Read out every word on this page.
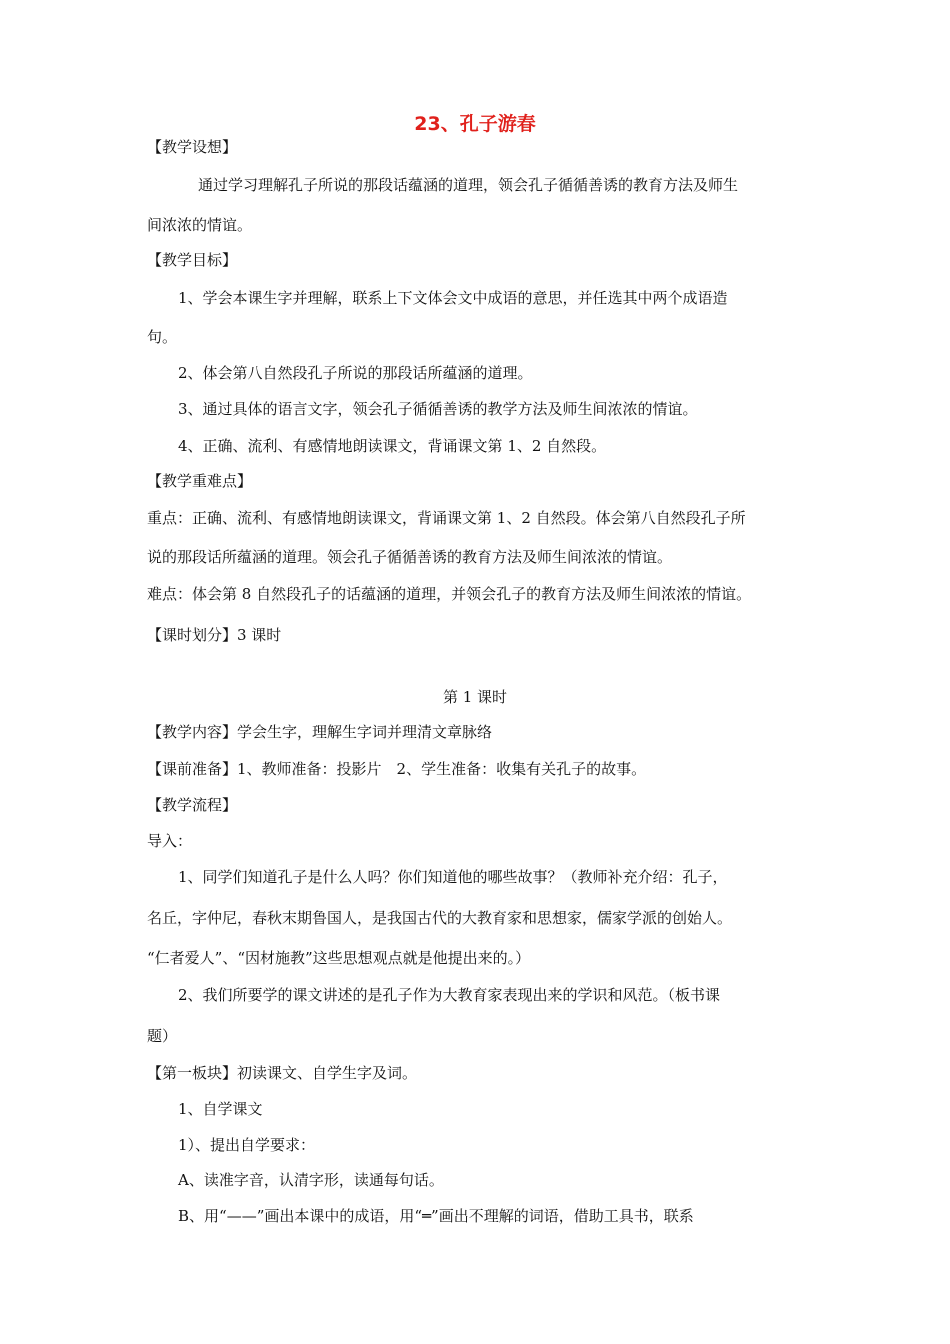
23、孔子游春
【教学设想】
通过学习理解孔子所说的那段话蕴涵的道理，领会孔子循循善诱的教育方法及师生
间浓浓的情谊。
【教学目标】
1、学会本课生字并理解，联系上下文体会文中成语的意思，并任选其中两个成语造
句。
2、体会第八自然段孔子所说的那段话所蕴涵的道理。
3、通过具体的语言文字，领会孔子循循善诱的教学方法及师生间浓浓的情谊。
4、正确、流利、有感情地朗读课文，背诵课文第 1、2 自然段。
【教学重难点】
重点：正确、流利、有感情地朗读课文，背诵课文第 1、2 自然段。体会第八自然段孔子所
说的那段话所蕴涵的道理。领会孔子循循善诱的教育方法及师生间浓浓的情谊。
难点：体会第 8 自然段孔子的话蕴涵的道理，并领会孔子的教育方法及师生间浓浓的情谊。
【课时划分】3 课时
第 1 课时
【教学内容】学会生字，理解生字词并理清文章脉络
【课前准备】1、教师准备：投影片　2、学生准备：收集有关孔子的故事。
【教学流程】
导入：
1、同学们知道孔子是什么人吗？你们知道他的哪些故事？（教师补充介绍：孔子，
名丘，字仲尼，春秋末期鲁国人，是我国古代的大教育家和思想家，儒家学派的创始人。
“仁者爱人”、“因材施教”这些思想观点就是他提出来的。）
2、我们所要学的课文讲述的是孔子作为大教育家表现出来的学识和风范。（板书课
题）
【第一板块】初读课文、自学生字及词。
1、自学课文
1）、提出自学要求：
A、读准字音，认清字形，读通每句话。
B、用“——”画出本课中的成语，用“═”画出不理解的词语，借助工具书，联系
